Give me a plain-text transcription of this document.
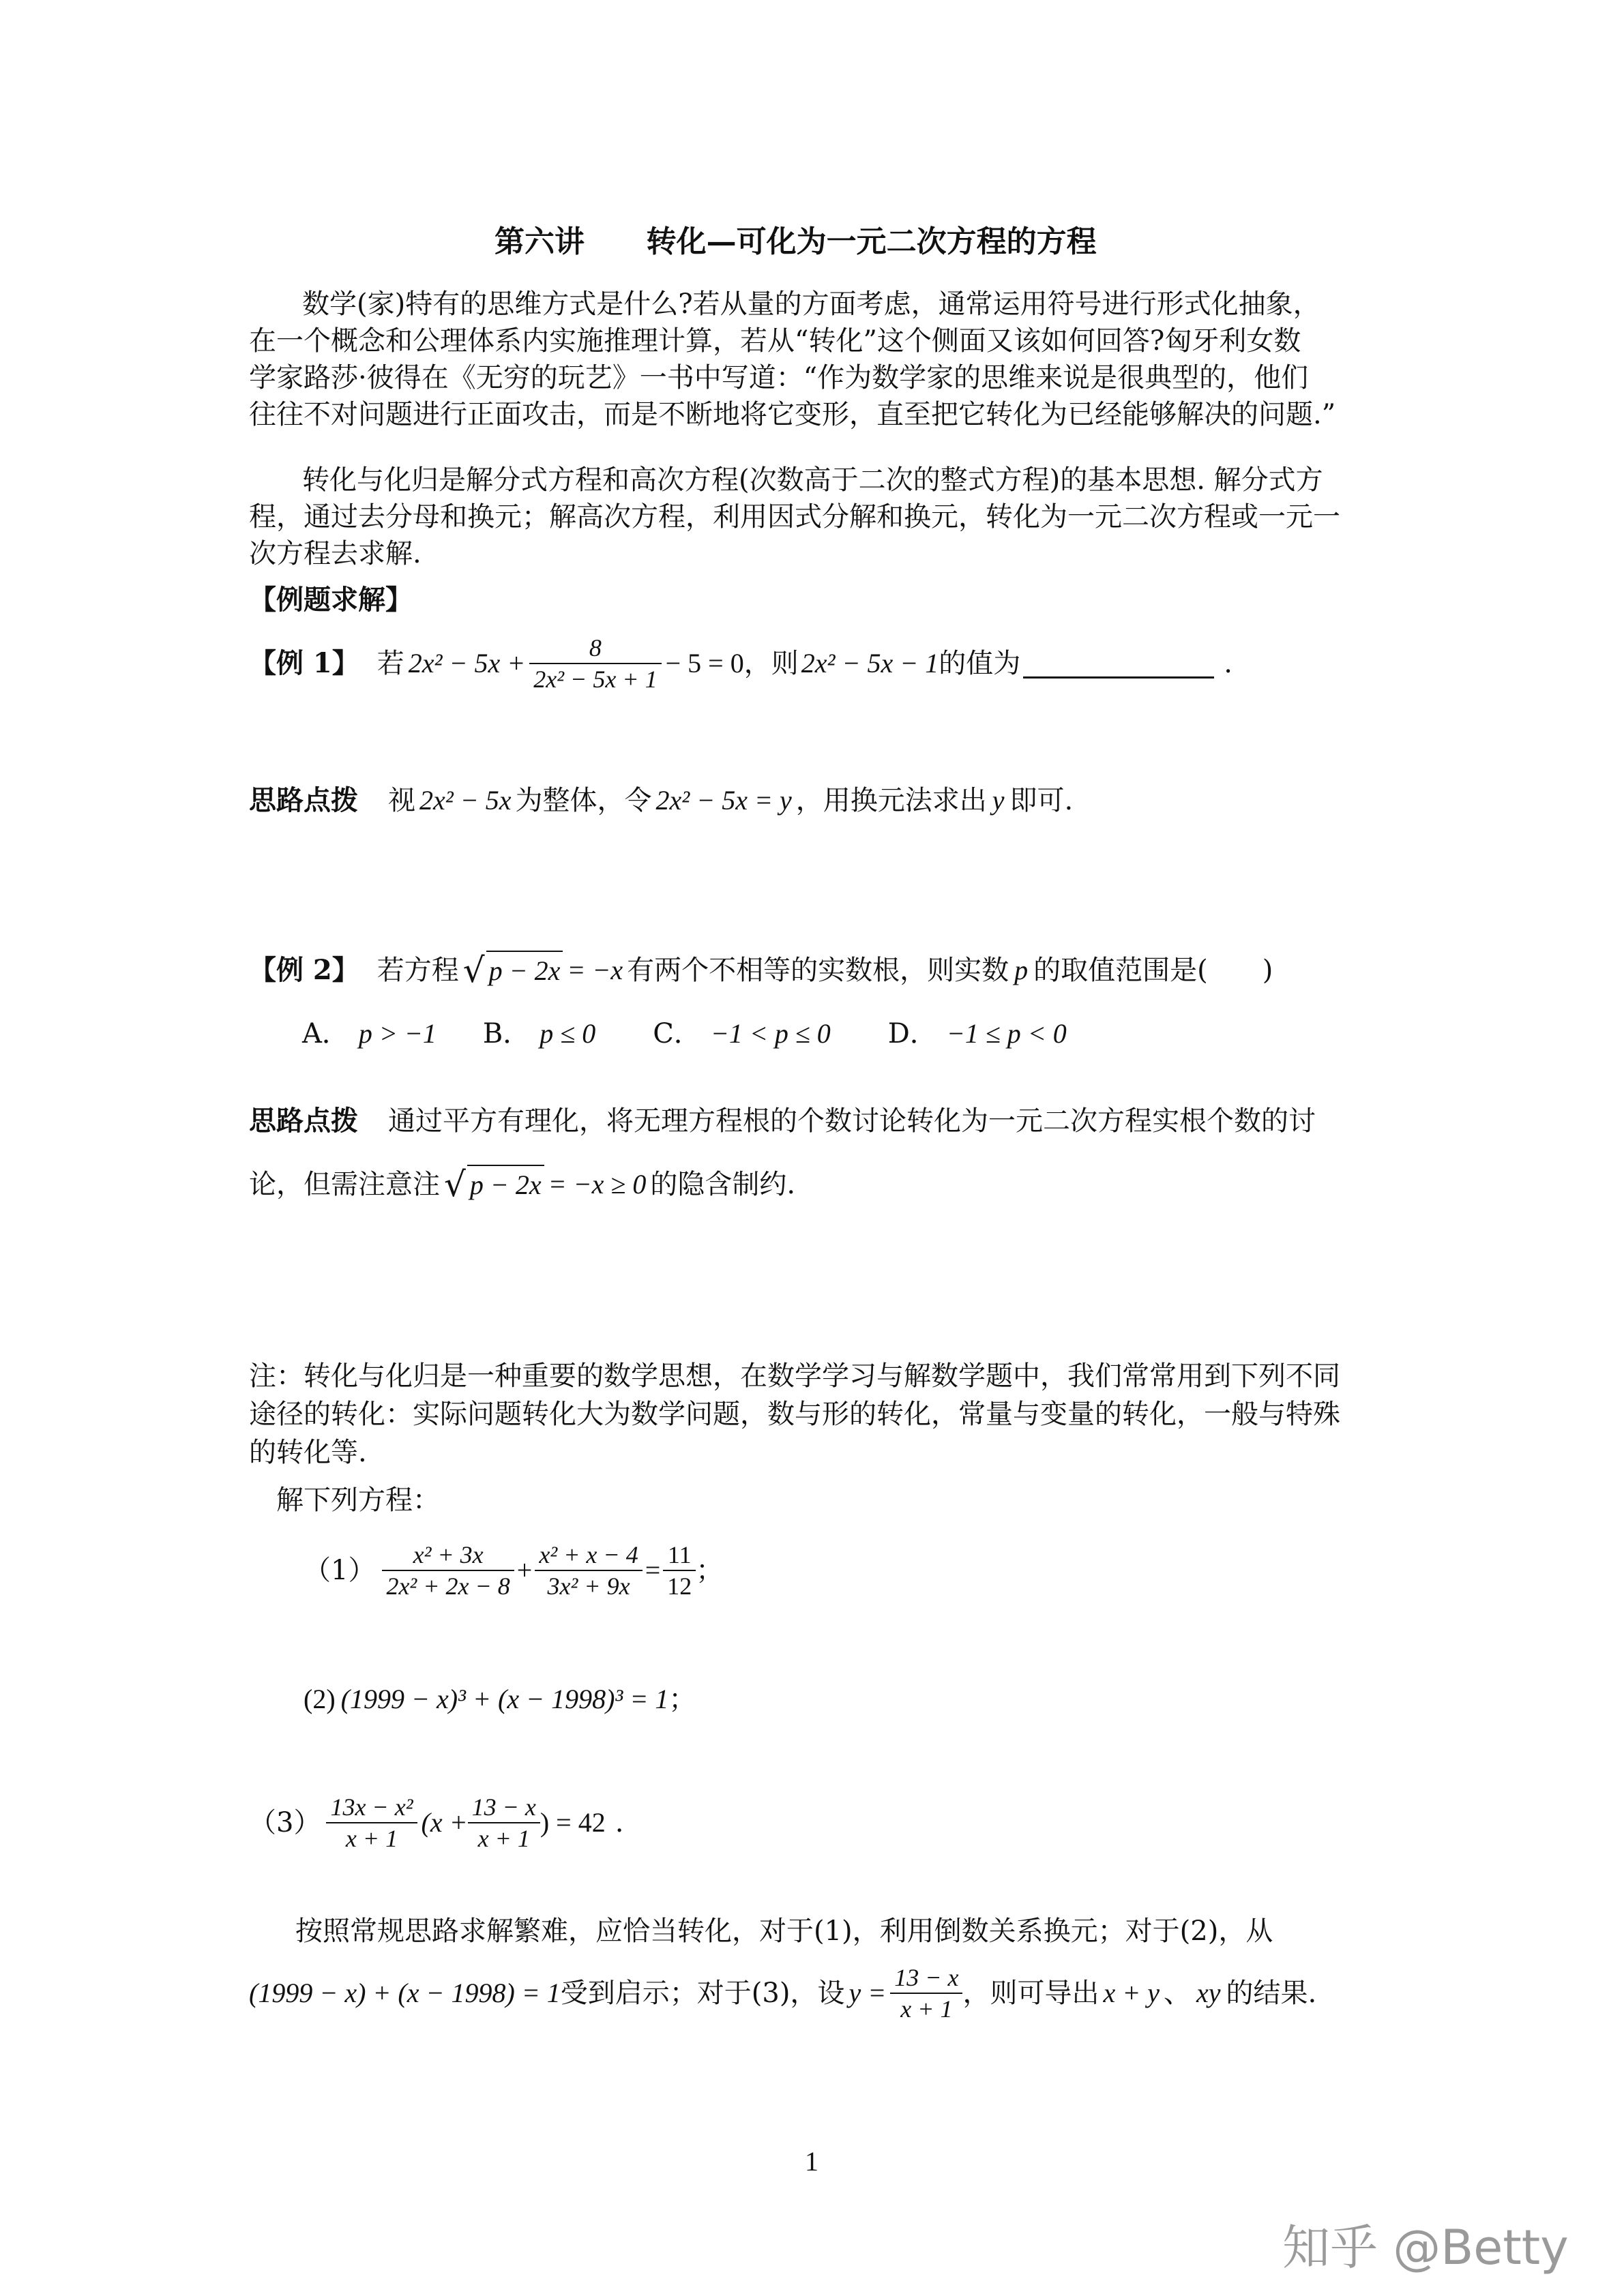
第六讲 转化—可化为一元二次方程的方程
数学(家)特有的思维方式是什么?若从量的方面考虑，通常运用符号进行形式化抽象，
在一个概念和公理体系内实施推理计算，若从“转化”这个侧面又该如何回答?匈牙利女数
学家路莎·彼得在《无穷的玩艺》一书中写道：“作为数学家的思维来说是很典型的，他们
往往不对问题进行正面攻击，而是不断地将它变形，直至把它转化为已经能够解决的问题.”
转化与化归是解分式方程和高次方程(次数高于二次的整式方程)的基本思想. 解分式方
程，通过去分母和换元；解高次方程，利用因式分解和换元，转化为一元二次方程或一元一
次方程去求解.
【例题求解】
【例 1】 若 $2x^2 - 5x + \frac{8}{\text{2x² − 5x + 1}} - 5 = 0$ ，则 2x² − 5x − 1 的值为	.
思路点拨 视 2x² − 5x 为整体，令 2x² − 5x = y ，用换元法求出 y 即可.
【例 2】 若方程 √ p − 2x = −x 有两个不相等的实数根，则实数 p 的取值范围是(　　)
A． p > −1 B． p ≤ 0 C． −1 < p ≤ 0 D． −1 ≤ p < 0
思路点拨 通过平方有理化，将无理方程根的个数讨论转化为一元二次方程实根个数的讨
论，但需注意注 √ p − 2x = −x ≥ 0 的隐含制约.
注：转化与化归是一种重要的数学思想，在数学学习与解数学题中，我们常常用到下列不同
途径的转化：实际问题转化大为数学问题，数与形的转化，常量与变量的转化，一般与特殊
的转化等.
解下列方程：
$(1) \frac{\text{x² + 3x}}{\text{2x² + 2x − 8}} + \frac{\text{x² + x − 4}}{\text{3x² + 9x}} = \frac{11}{12}$ ；
(2) (1999 − x)³ + (x − 1998)³ = 1 ；
$(3) \frac{\text{13x − x²}}{x + 1} (x + \frac{13 - x}{x + 1}$ ) = 42 .
按照常规思路求解繁难，应恰当转化，对于(1)，利用倒数关系换元；对于(2)，从
(1999 − x) + (x − 1998) = 1 受到启示；对于(3)，设 $y = \frac{13 - x}{x + 1}$ ，则可导出 x + y 、 xy 的结果.
1
知乎 @Betty
